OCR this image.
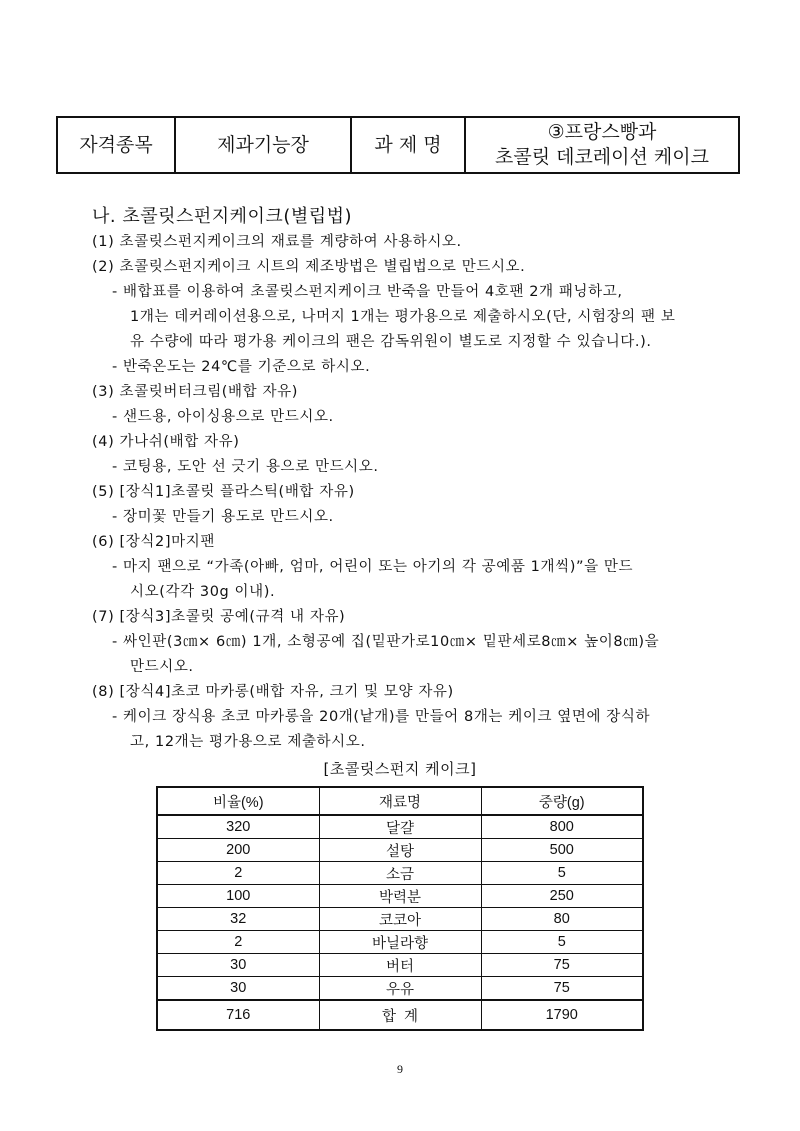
자격종목	제과기능장	과 제 명	
③프랑스빵과
초콜릿 데코레이션 케이크
나. 초콜릿스펀지케이크(별립법)
(1) 초콜릿스펀지케이크의 재료를 계량하여 사용하시오.
(2) 초콜릿스펀지케이크 시트의 제조방법은 별립법으로 만드시오.
- 배합표를 이용하여 초콜릿스펀지케이크 반죽을 만들어 4호팬 2개 패닝하고,
1개는 데커레이션용으로, 나머지 1개는 평가용으로 제출하시오(단, 시험장의 팬 보
유 수량에 따라 평가용 케이크의 팬은 감독위원이 별도로 지정할 수 있습니다.).
- 반죽온도는 24℃를 기준으로 하시오.
(3) 초콜릿버터크림(배합 자유)
- 샌드용, 아이싱용으로 만드시오.
(4) 가나쉬(배합 자유)
- 코팅용, 도안 선 긋기 용으로 만드시오.
(5) [장식1]초콜릿 플라스틱(배합 자유)
- 장미꽃 만들기 용도로 만드시오.
(6) [장식2]마지팬
- 마지 팬으로 “가족(아빠, 엄마, 어린이 또는 아기의 각 공예품 1개씩)”을 만드
시오(각각 30g 이내).
(7) [장식3]초콜릿 공예(규격 내 자유)
- 싸인판(3㎝× 6㎝) 1개, 소형공예 집(밑판가로10㎝× 밑판세로8㎝× 높이8㎝)을
만드시오.
(8) [장식4]초코 마카롱(배합 자유, 크기 및 모양 자유)
- 케이크 장식용 초코 마카롱을 20개(낱개)를 만들어 8개는 케이크 옆면에 장식하
고, 12개는 평가용으로 제출하시오.
[초콜릿스펀지 케이크]
비율(%)	재료명	중량(g)
320	달걀	800
200	설탕	500
2	소금	5
100	박력분	250
32	코코아	80
2	바닐라향	5
30	버터	75
30	우유	75
716	합  계	1790
9
